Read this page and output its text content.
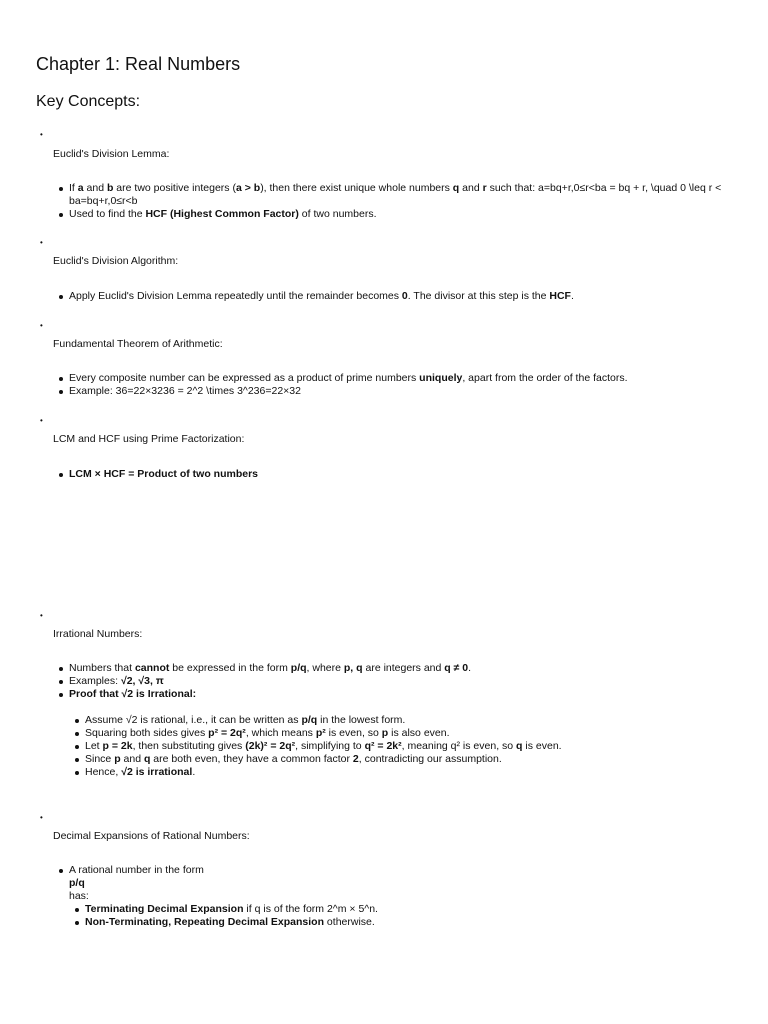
Chapter 1: Real Numbers
Key Concepts:
•
Euclid's Division Lemma:
If a and b are two positive integers (a > b), then there exist unique whole numbers q and r such that: a=bq+r,0≤r<ba = bq + r, \quad 0 \leq r < ba=bq+r,0≤r<b
Used to find the HCF (Highest Common Factor) of two numbers.
•
Euclid's Division Algorithm:
Apply Euclid's Division Lemma repeatedly until the remainder becomes 0. The divisor at this step is the HCF.
•
Fundamental Theorem of Arithmetic:
Every composite number can be expressed as a product of prime numbers uniquely, apart from the order of the factors.
Example: 36=22×3236 = 2^2 \times 3^236=22×32
•
LCM and HCF using Prime Factorization:
LCM × HCF = Product of two numbers
•
Irrational Numbers:
Numbers that cannot be expressed in the form p/q, where p, q are integers and q ≠ 0.
Examples: √2, √3, π
Proof that √2 is Irrational:
Assume √2 is rational, i.e., it can be written as p/q in the lowest form.
Squaring both sides gives p² = 2q², which means p² is even, so p is also even.
Let p = 2k, then substituting gives (2k)² = 2q², simplifying to q² = 2k², meaning q² is even, so q is even.
Since p and q are both even, they have a common factor 2, contradicting our assumption.
Hence, √2 is irrational.
•
Decimal Expansions of Rational Numbers:
A rational number in the form
p/q
has:
Terminating Decimal Expansion if q is of the form 2^m × 5^n.
Non-Terminating, Repeating Decimal Expansion otherwise.
